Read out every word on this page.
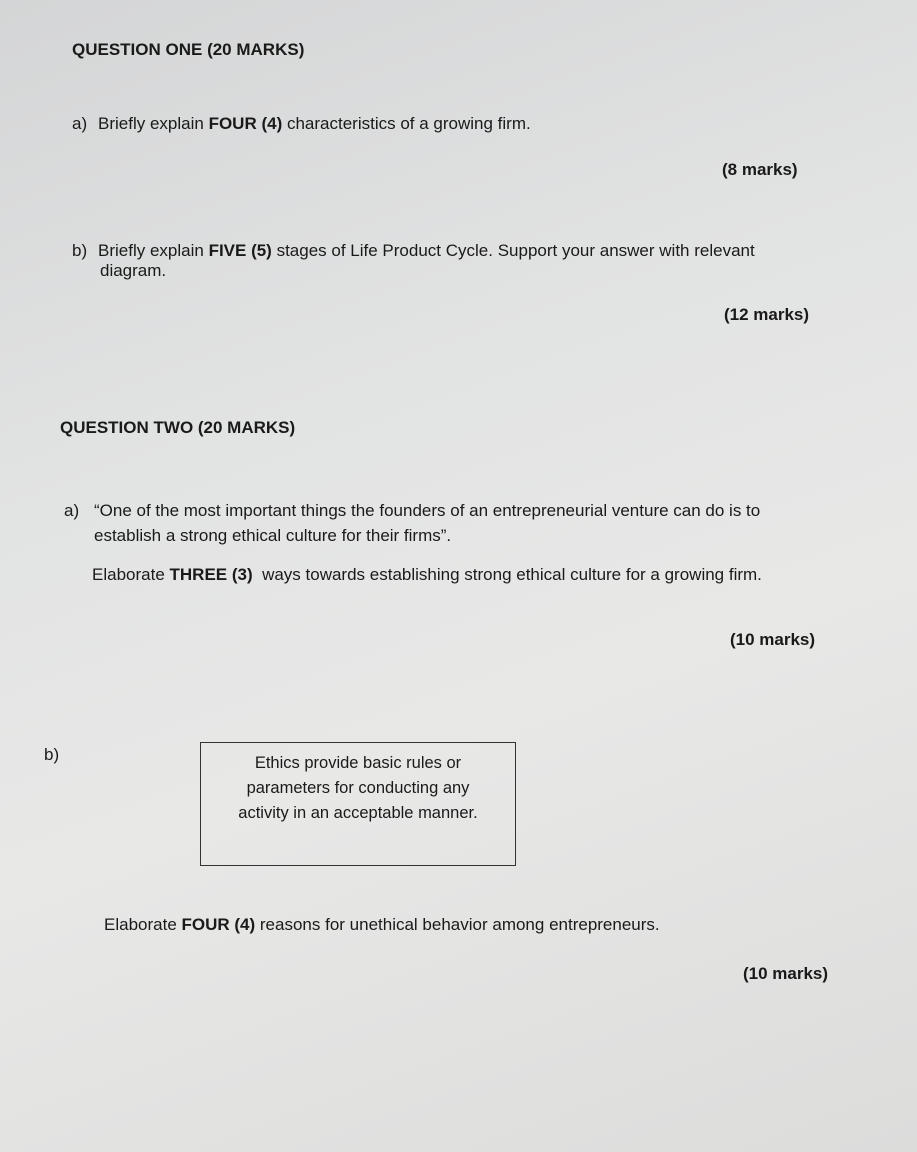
QUESTION ONE (20 MARKS)
a) Briefly explain FOUR (4) characteristics of a growing firm.
(8 marks)
b) Briefly explain FIVE (5) stages of Life Product Cycle. Support your answer with relevant
diagram.
(12 marks)
QUESTION TWO (20 MARKS)
a) “One of the most important things the founders of an entrepreneurial venture can do is to
establish a strong ethical culture for their firms”.
Elaborate THREE (3)  ways towards establishing strong ethical culture for a growing firm.
(10 marks)
b)	Ethics provide basic rules or
parameters for conducting any
activity in an acceptable manner.
Elaborate FOUR (4) reasons for unethical behavior among entrepreneurs.
(10 marks)
